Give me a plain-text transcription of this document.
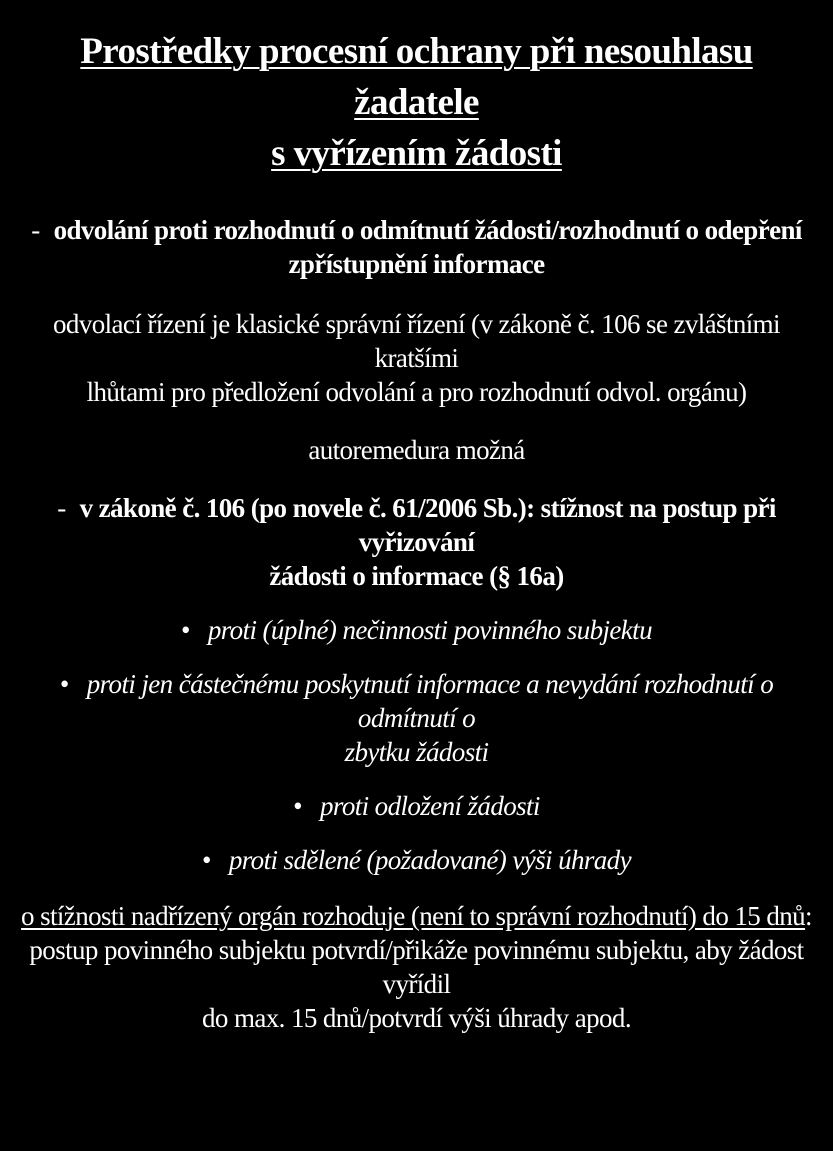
Prostředky procesní ochrany při nesouhlasu žadatele
s vyřízením žádosti
- odvolání proti rozhodnutí o odmítnutí žádosti/rozhodnutí o odepření
zpřístupnění informace
odvolací řízení je klasické správní řízení (v zákoně č. 106 se zvláštními kratšími
lhůtami pro předložení odvolání a pro rozhodnutí odvol. orgánu)
autoremedura možná
- v zákoně č. 106 (po novele č. 61/2006 Sb.): stížnost na postup při vyřizování
žádosti o informace (§ 16a)
• proti (úplné) nečinnosti povinného subjektu
• proti jen částečnému poskytnutí informace a nevydání rozhodnutí o odmítnutí o
zbytku žádosti
• proti odložení žádosti
• proti sdělené (požadované) výši úhrady
o stížnosti nadřízený orgán rozhoduje (není to správní rozhodnutí) do 15 dnů:
postup povinného subjektu potvrdí/přikáže povinnému subjektu, aby žádost vyřídil
do max. 15 dnů/potvrdí výši úhrady apod.
